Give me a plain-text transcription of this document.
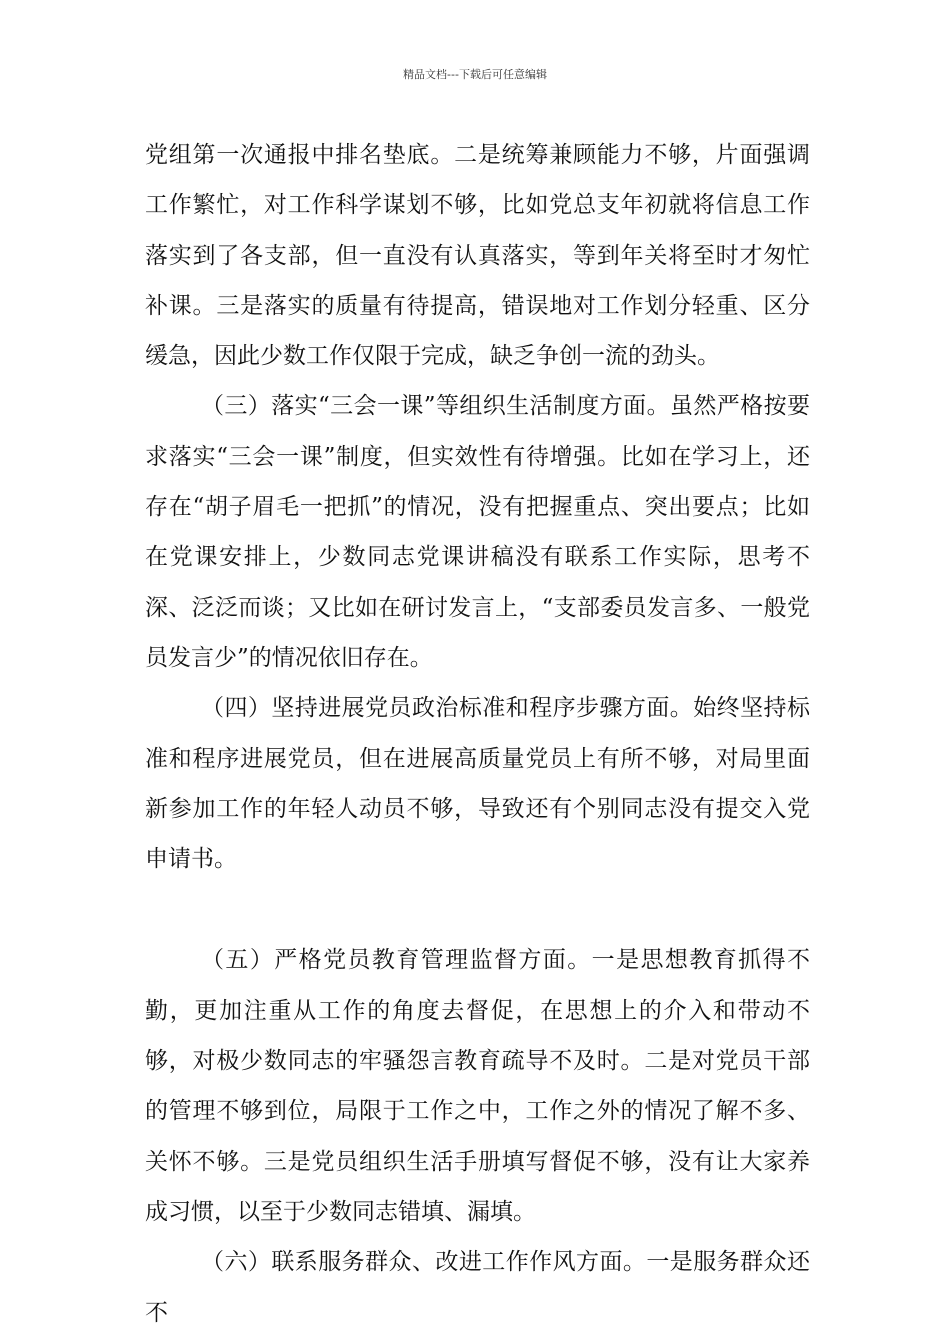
精品文档---下载后可任意编辑

党组第一次通报中排名垫底。二是统筹兼顾能力不够，片面强调工作繁忙，对工作科学谋划不够，比如党总支年初就将信息工作落实到了各支部，但一直没有认真落实，等到年关将至时才匆忙补课。三是落实的质量有待提高，错误地对工作划分轻重、区分缓急，因此少数工作仅限于完成，缺乏争创一流的劲头。

（三）落实“三会一课”等组织生活制度方面。虽然严格按要求落实“三会一课”制度，但实效性有待增强。比如在学习上，还存在“胡子眉毛一把抓”的情况，没有把握重点、突出要点；比如在党课安排上，少数同志党课讲稿没有联系工作实际，思考不深、泛泛而谈；又比如在研讨发言上，“支部委员发言多、一般党员发言少”的情况依旧存在。

（四）坚持进展党员政治标准和程序步骤方面。始终坚持标准和程序进展党员，但在进展高质量党员上有所不够，对局里面新参加工作的年轻人动员不够，导致还有个别同志没有提交入党申请书。

（五）严格党员教育管理监督方面。一是思想教育抓得不勤，更加注重从工作的角度去督促，在思想上的介入和带动不够，对极少数同志的牢骚怨言教育疏导不及时。二是对党员干部的管理不够到位，局限于工作之中，工作之外的情况了解不多、关怀不够。三是党员组织生活手册填写督促不够，没有让大家养成习惯，以至于少数同志错填、漏填。

（六）联系服务群众、改进工作作风方面。一是服务群众还不
